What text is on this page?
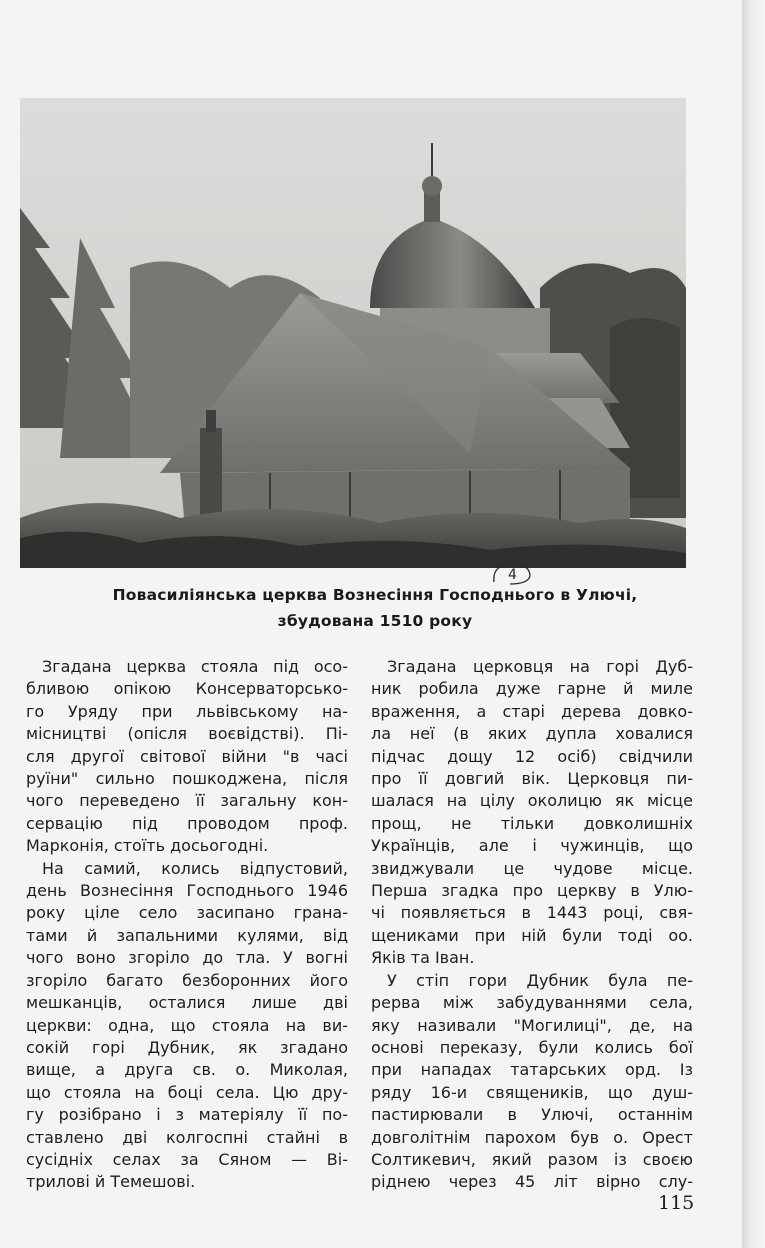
4
Повасиліянська церква Вознесіння Господнього в Улючі,
збудована 1510 року
Згадана церква стояла під осо-
бливою опікою Консерваторсько-
го Уряду при львівському на-
місництві (опісля воєвідстві). Пі-
сля другої світової війни "в часі
руїни" сильно пошкоджена, після
чого переведено її загальну кон-
сервацію під проводом проф.
Марконія, стоїть досьогодні.
На самий, колись відпустовий,
день Вознесіння Господнього 1946
року ціле село засипано грана-
тами й запальними кулями, від
чого воно згоріло до тла. У вогні
згоріло багато безборонних його
мешканців, осталися лише дві
церкви: одна, що стояла на ви-
сокій горі Дубник, як згадано
вище, а друга св. о. Миколая,
що стояла на боці села. Цю дру-
гу розібрано і з матеріялу її по-
ставлено дві колгоспні стайні в
сусідніх селах за Сяном — Ві-
трилові й Темешові.
Згадана церковця на горі Дуб-
ник робила дуже гарне й миле
враження, а старі дерева довко-
ла неї (в яких дупла ховалися
підчас дощу 12 осіб) свідчили
про її довгий вік. Церковця пи-
шалася на цілу околицю як місце
прощ, не тільки довколишніх
Українців, але і чужинців, що
звиджували це чудове місце.
Перша згадка про церкву в Улю-
чі появляється в 1443 році, свя-
щениками при ній були тоді оо.
Яків та Іван.
У стіп гори Дубник була пе-
рерва між забудуваннями села,
яку називали "Могилиці", де, на
основі переказу, були колись бої
при нападах татарських орд. Із
ряду 16-и священиків, що душ-
пастирювали в Улючі, останнім
довголітнім парохом був о. Орест
Солтикевич, який разом із своєю
ріднею через 45 літ вірно слу-
115
